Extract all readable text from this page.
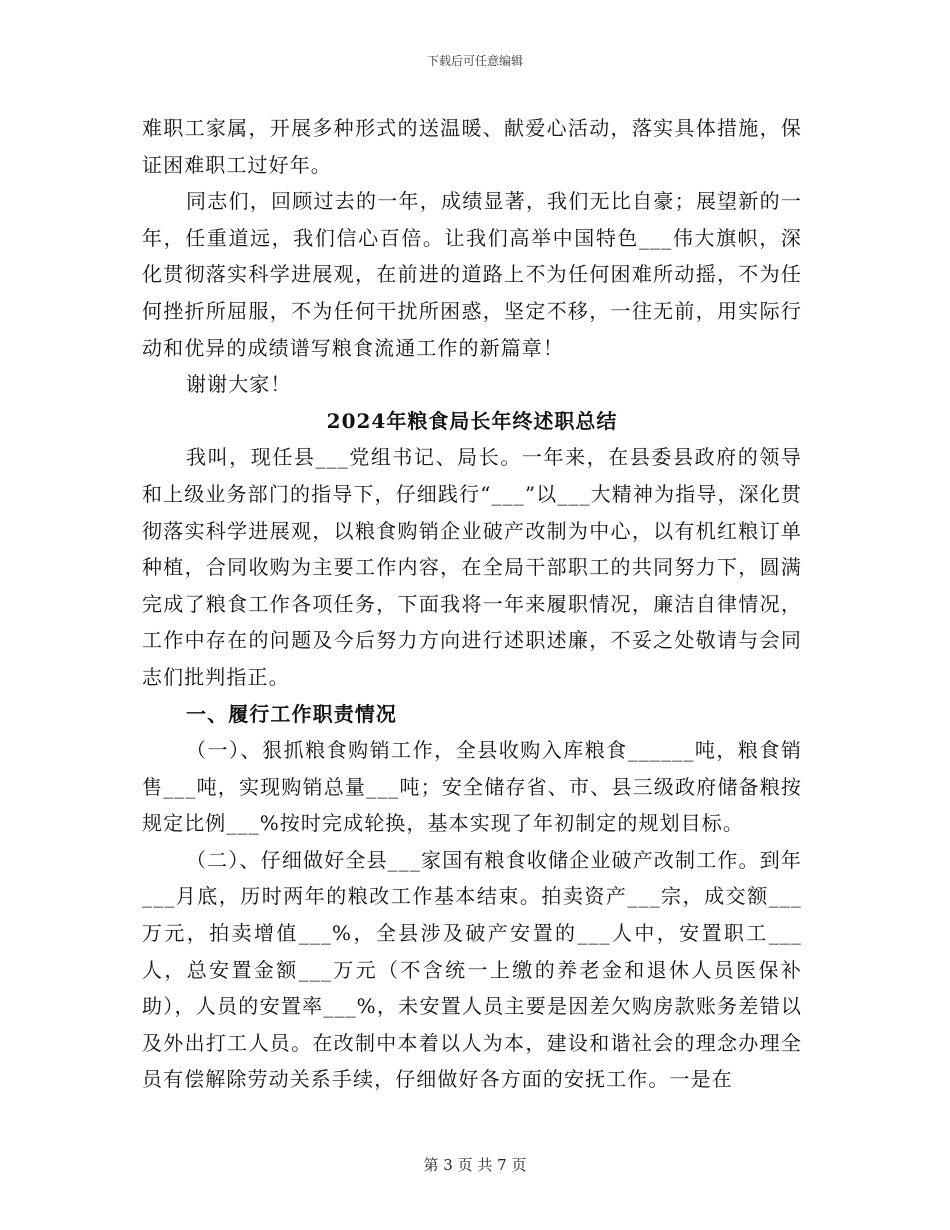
下载后可任意编辑

难职工家属，开展多种形式的送温暖、献爱心活动，落实具体措施，保证困难职工过好年。

同志们，回顾过去的一年，成绩显著，我们无比自豪；展望新的一年，任重道远，我们信心百倍。让我们高举中国特色___伟大旗帜，深化贯彻落实科学进展观，在前进的道路上不为任何困难所动摇，不为任何挫折所屈服，不为任何干扰所困惑，坚定不移，一往无前，用实际行动和优异的成绩谱写粮食流通工作的新篇章！

谢谢大家！

2024年粮食局长年终述职总结

我叫，现任县___党组书记、局长。一年来，在县委县政府的领导和上级业务部门的指导下，仔细践行“___”以___大精神为指导，深化贯彻落实科学进展观，以粮食购销企业破产改制为中心，以有机红粮订单种植，合同收购为主要工作内容，在全局干部职工的共同努力下，圆满完成了粮食工作各项任务，下面我将一年来履职情况，廉洁自律情况，工作中存在的问题及今后努力方向进行述职述廉，不妥之处敬请与会同志们批判指正。

一、履行工作职责情况

（一）、狠抓粮食购销工作，全县收购入库粮食______吨，粮食销售___吨，实现购销总量___吨；安全储存省、市、县三级政府储备粮按规定比例___%按时完成轮换，基本实现了年初制定的规划目标。

（二）、仔细做好全县___家国有粮食收储企业破产改制工作。到年___月底，历时两年的粮改工作基本结束。拍卖资产___宗，成交额___万元，拍卖增值___%，全县涉及破产安置的___人中，安置职工___人，总安置金额___万元（不含统一上缴的养老金和退休人员医保补助），人员的安置率___%，未安置人员主要是因差欠购房款账务差错以及外出打工人员。在改制中本着以人为本，建设和谐社会的理念办理全员有偿解除劳动关系手续，仔细做好各方面的安抚工作。一是在

第 3 页 共 7 页
